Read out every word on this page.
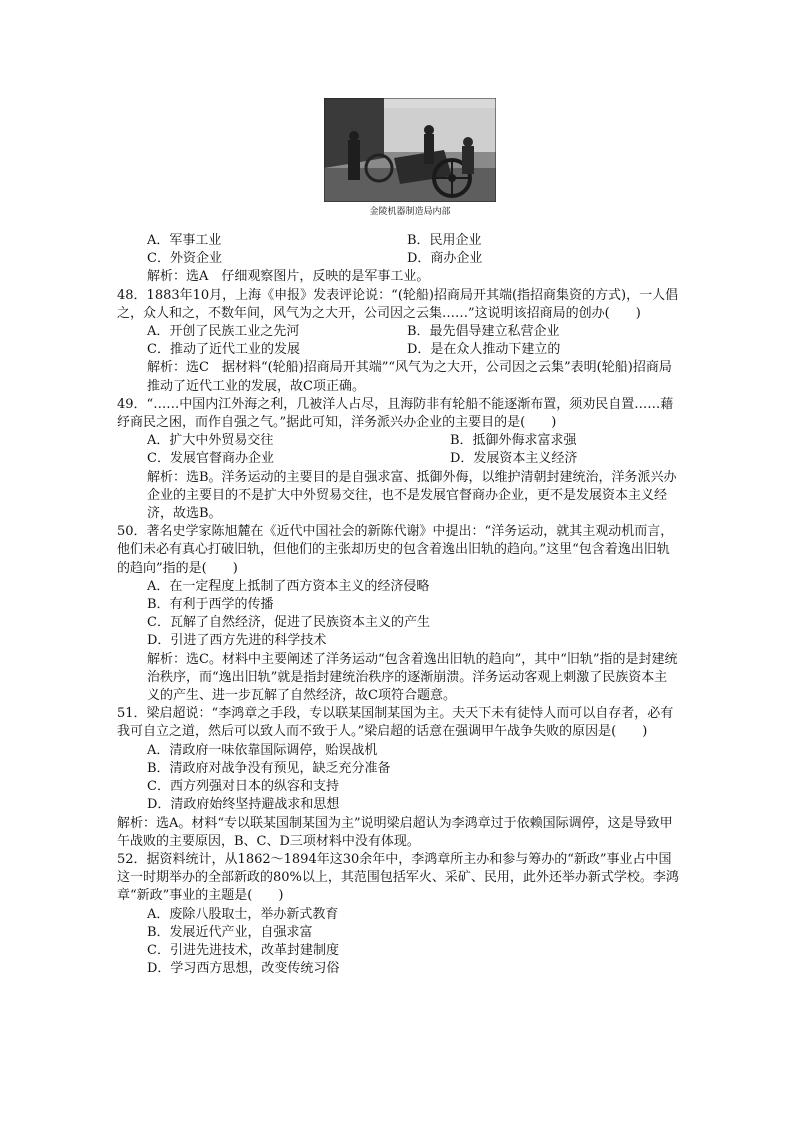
金陵机器制造局内部
A．军事工业	B．民用企业
C．外资企业	D．商办企业

解析：选A　仔细观察图片，反映的是军事工业。

48．1883年10月，上海《申报》发表评论说：“(轮船)招商局开其端(指招商集资的方式)，一人倡之，众人和之，不数年间，风气为之大开，公司因之云集……”这说明该招商局的创办(　　)

A．开创了民族工业之先河	B．最先倡导建立私营企业
C．推动了近代工业的发展	D．是在众人推动下建立的

解析：选C　据材料“(轮船)招商局开其端”“风气为之大开，公司因之云集”表明(轮船)招商局推动了近代工业的发展，故C项正确。

49．“……中国内江外海之利，几被洋人占尽，且海防非有轮船不能逐渐布置，须劝民自置……藉纾商民之困，而作自强之气。”据此可知，洋务派兴办企业的主要目的是(　　)

A．扩大中外贸易交往	B．抵御外侮求富求强
C．发展官督商办企业	D．发展资本主义经济

解析：选B。洋务运动的主要目的是自强求富、抵御外侮，以维护清朝封建统治，洋务派兴办企业的主要目的不是扩大中外贸易交往，也不是发展官督商办企业，更不是发展资本主义经济，故选B。

50．著名史学家陈旭麓在《近代中国社会的新陈代谢》中提出：“洋务运动，就其主观动机而言，他们未必有真心打破旧轨，但他们的主张却历史的包含着逸出旧轨的趋向。”这里“包含着逸出旧轨的趋向”指的是(　　)

A．在一定程度上抵制了西方资本主义的经济侵略

B．有利于西学的传播

C．瓦解了自然经济，促进了民族资本主义的产生

D．引进了西方先进的科学技术

解析：选C。材料中主要阐述了洋务运动“包含着逸出旧轨的趋向”，其中“旧轨”指的是封建统治秩序，而“逸出旧轨”就是指封建统治秩序的逐渐崩溃。洋务运动客观上刺激了民族资本主义的产生、进一步瓦解了自然经济，故C项符合题意。

51．梁启超说：“李鸿章之手段，专以联某国制某国为主。夫天下未有徒恃人而可以自存者，必有我可自立之道，然后可以致人而不致于人。”梁启超的话意在强调甲午战争失败的原因是(　　)

A．清政府一味依靠国际调停，贻误战机

B．清政府对战争没有预见，缺乏充分准备

C．西方列强对日本的纵容和支持

D．清政府始终坚持避战求和思想

解析：选A。材料“专以联某国制某国为主”说明梁启超认为李鸿章过于依赖国际调停，这是导致甲午战败的主要原因，B、C、D三项材料中没有体现。

52．据资料统计，从1862～1894年这30余年中，李鸿章所主办和参与筹办的“新政”事业占中国这一时期举办的全部新政的80%以上，其范围包括军火、采矿、民用，此外还举办新式学校。李鸿章“新政”事业的主题是(　　)

A．废除八股取士，举办新式教育

B．发展近代产业，自强求富

C．引进先进技术，改革封建制度

D．学习西方思想，改变传统习俗
